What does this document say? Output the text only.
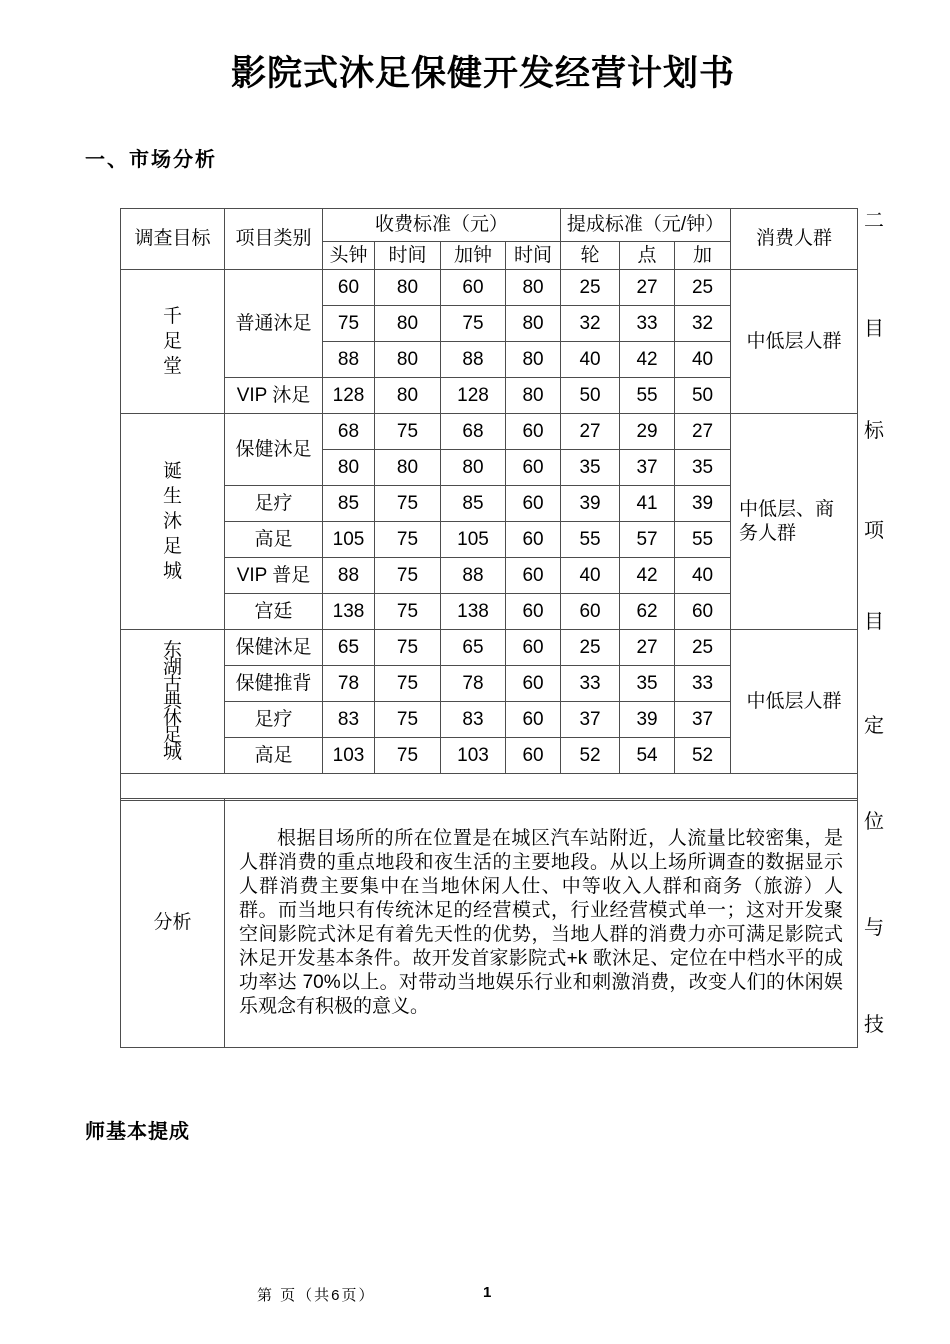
影院式沐足保健开发经营计划书
一、市场分析
调查目标	项目类别	收费标准（元）				提成标准（元/钟）			消费人群
		头钟	时间	加钟	时间	轮	点	加	

千足堂	普通沐足	60	80	60	80	25	27	25	中低层人群
		75	80	75	80	32	33	32	
		88	80	88	80	40	42	40	
	VIP 沐足	128	80	128	80	50	55	50	

诞生沐足城	保健沐足	68	75	68	60	27	29	27	中低层、商务人群
		80	80	80	60	35	37	35	
	足疗	85	75	85	60	39	41	39	
	高足	105	75	105	60	55	57	55	
	VIP 普足	88	75	88	60	40	42	40	
	宫廷	138	75	138	60	60	62	60	

东湖古典休足城	保健沐足	65	75	65	60	25	27	25	中低层人群
	保健推背	78	75	78	60	33	35	33	
	足疗	83	75	83	60	37	39	37	
	高足	103	75	103	60	52	54	52	

分析	

根据目场所的所在位置是在城区汽车站附近，人流量比较密集，是人群消费的重点地段和夜生活的主要地段。从以上场所调查的数据显示人群消费主要集中在当地休闲人仕、中等收入人群和商务（旅游）人群。而当地只有传统沐足的经营模式，行业经营模式单一；这对开发聚空间影院式沐足有着先天性的优势，当地人群的消费力亦可满足影院式沐足开发基本条件。故开发首家影院式+k 歌沐足、定位在中档水平的成功率达 70%以上。对带动当地娱乐行业和刺激消费，改变人们的休闲娱乐观念有积极的意义。

二
目
标
项
目
定
位
与
技
师基本提成
第 页（共6页）	1
